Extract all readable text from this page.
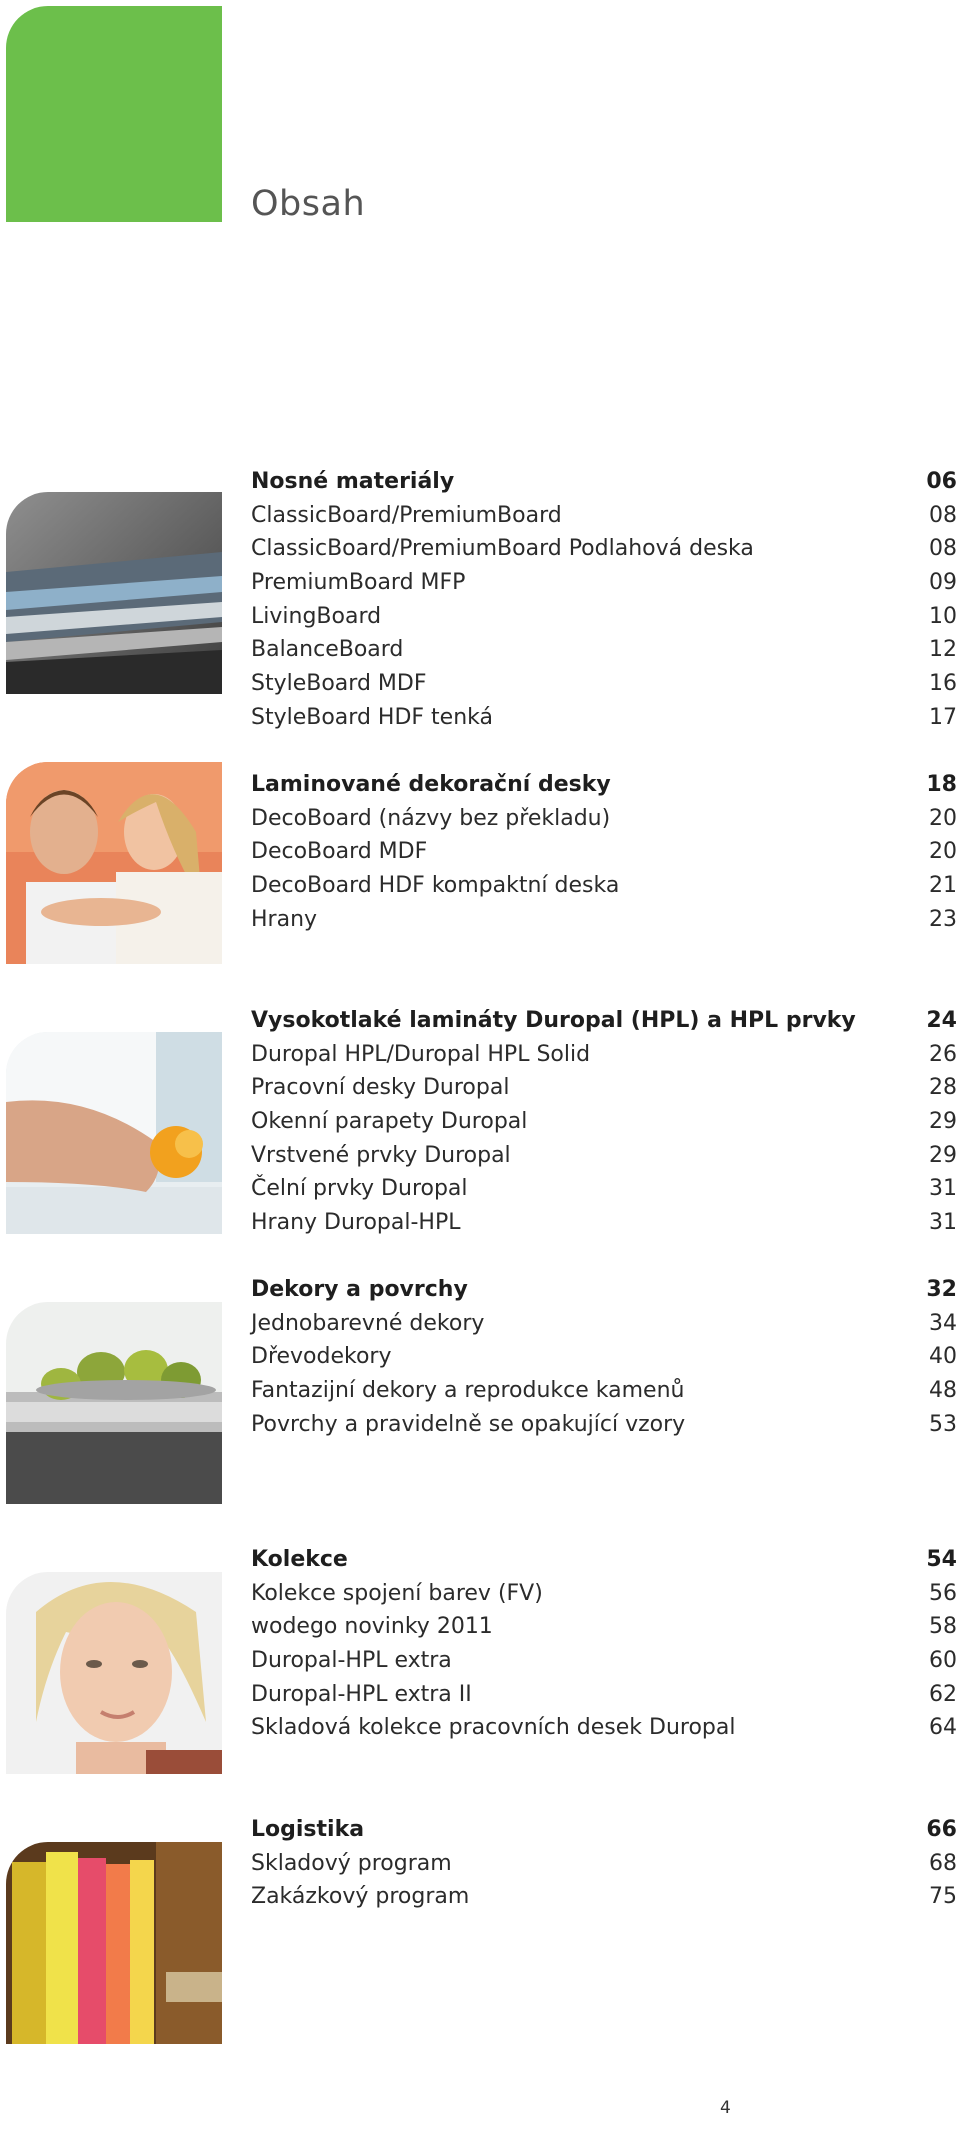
Obsah
Nosné materiály	06
ClassicBoard/PremiumBoard	08
ClassicBoard/PremiumBoard Podlahová deska	08
PremiumBoard MFP	09
LivingBoard	10
BalanceBoard	12
StyleBoard MDF	16
StyleBoard HDF tenká	17
Laminované dekorační desky	18
DecoBoard (názvy bez překladu)	20
DecoBoard MDF	20
DecoBoard HDF kompaktní deska	21
Hrany	23
Vysokotlaké lamináty Duropal (HPL) a HPL prvky	24
Duropal HPL/Duropal HPL Solid	26
Pracovní desky Duropal	28
Okenní parapety Duropal	29
Vrstvené prvky Duropal	29
Čelní prvky Duropal	31
Hrany Duropal-HPL	31
Dekory a povrchy	32
Jednobarevné dekory	34
Dřevodekory	40
Fantazijní dekory a reprodukce kamenů	48
Povrchy a pravidelně se opakující vzory	53
Kolekce	54
Kolekce spojení barev (FV)	56
wodego novinky 2011	58
Duropal-HPL extra	60
Duropal-HPL extra II	62
Skladová kolekce pracovních desek Duropal	64
Logistika	66
Skladový program	68
Zakázkový program	75
4
